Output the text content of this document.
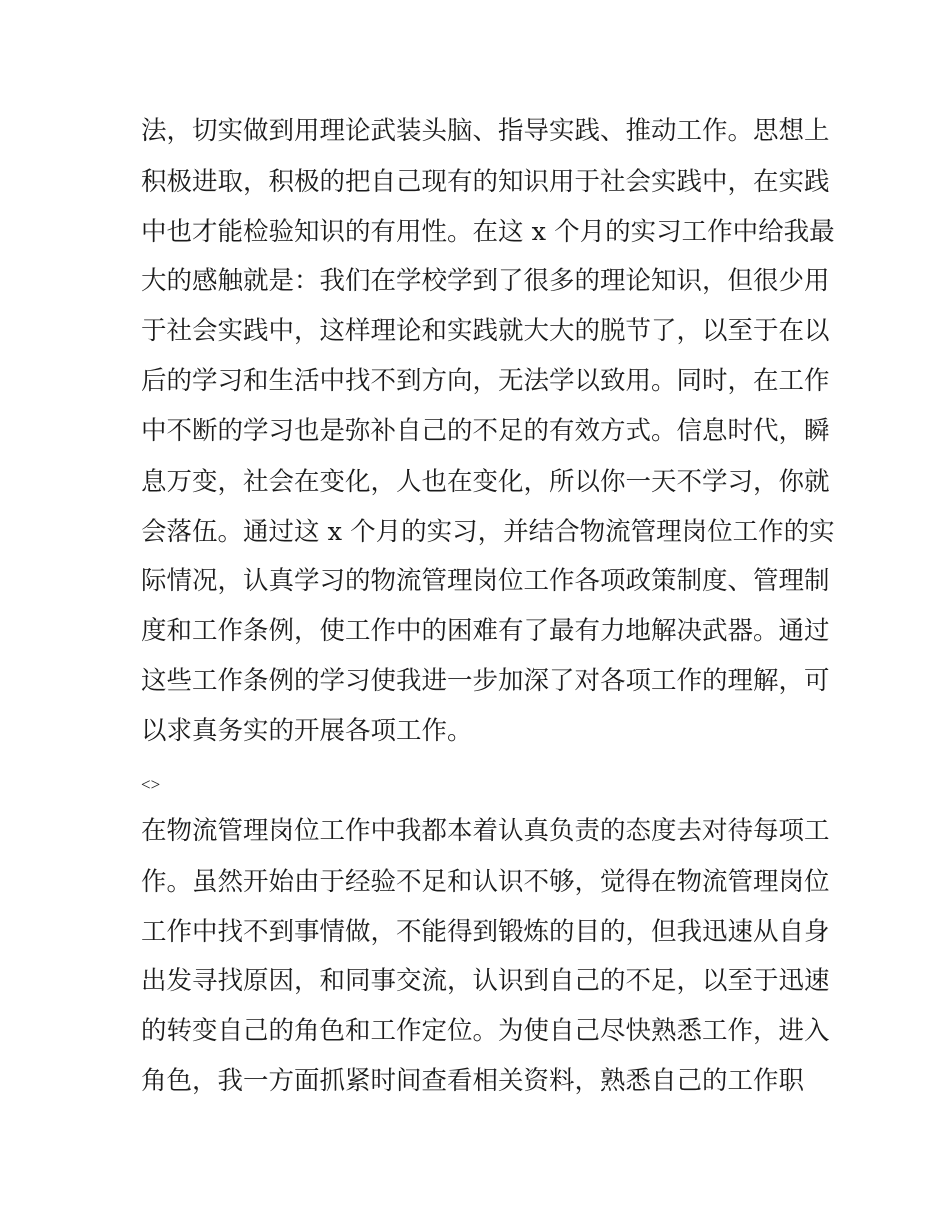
法，切实做到用理论武装头脑、指导实践、推动工作。思想上
积极进取，积极的把自己现有的知识用于社会实践中，在实践
中也才能检验知识的有用性。在这 x 个月的实习工作中给我最
大的感触就是：我们在学校学到了很多的理论知识，但很少用
于社会实践中，这样理论和实践就大大的脱节了，以至于在以
后的学习和生活中找不到方向，无法学以致用。同时，在工作
中不断的学习也是弥补自己的不足的有效方式。信息时代，瞬
息万变，社会在变化，人也在变化，所以你一天不学习，你就
会落伍。通过这 x 个月的实习，并结合物流管理岗位工作的实
际情况，认真学习的物流管理岗位工作各项政策制度、管理制
度和工作条例，使工作中的困难有了最有力地解决武器。通过
这些工作条例的学习使我进一步加深了对各项工作的理解，可
以求真务实的开展各项工作。
<>
在物流管理岗位工作中我都本着认真负责的态度去对待每项工
作。虽然开始由于经验不足和认识不够，觉得在物流管理岗位
工作中找不到事情做，不能得到锻炼的目的，但我迅速从自身
出发寻找原因，和同事交流，认识到自己的不足，以至于迅速
的转变自己的角色和工作定位。为使自己尽快熟悉工作，进入
角色，我一方面抓紧时间查看相关资料，熟悉自己的工作职
